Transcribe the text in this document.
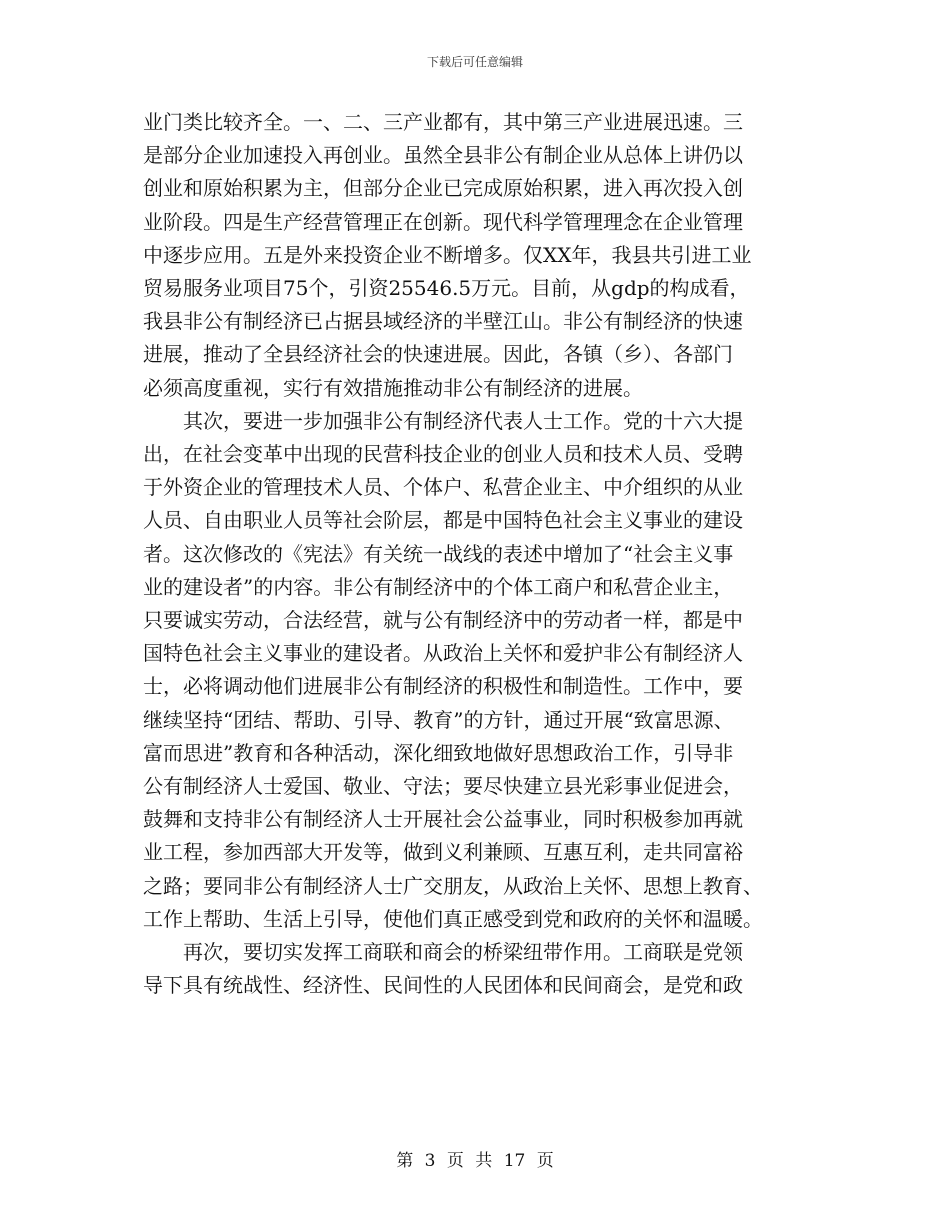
下载后可任意编辑

业门类比较齐全。一、二、三产业都有，其中第三产业进展迅速。三
是部分企业加速投入再创业。虽然全县非公有制企业从总体上讲仍以
创业和原始积累为主，但部分企业已完成原始积累，进入再次投入创
业阶段。四是生产经营管理正在创新。现代科学管理理念在企业管理
中逐步应用。五是外来投资企业不断增多。仅XX年，我县共引进工业
贸易服务业项目75个，引资25546.5万元。目前，从gdp的构成看，
我县非公有制经济已占据县域经济的半壁江山。非公有制经济的快速
进展，推动了全县经济社会的快速进展。因此，各镇（乡）、各部门
必须高度重视，实行有效措施推动非公有制经济的进展。

其次，要进一步加强非公有制经济代表人士工作。党的十六大提
出，在社会变革中出现的民营科技企业的创业人员和技术人员、受聘
于外资企业的管理技术人员、个体户、私营企业主、中介组织的从业
人员、自由职业人员等社会阶层，都是中国特色社会主义事业的建设
者。这次修改的《宪法》有关统一战线的表述中增加了“社会主义事
业的建设者”的内容。非公有制经济中的个体工商户和私营企业主，
只要诚实劳动，合法经营，就与公有制经济中的劳动者一样，都是中
国特色社会主义事业的建设者。从政治上关怀和爱护非公有制经济人
士，必将调动他们进展非公有制经济的积极性和制造性。工作中，要
继续坚持“团结、帮助、引导、教育”的方针，通过开展“致富思源、
富而思进”教育和各种活动，深化细致地做好思想政治工作，引导非
公有制经济人士爱国、敬业、守法；要尽快建立县光彩事业促进会，
鼓舞和支持非公有制经济人士开展社会公益事业，同时积极参加再就
业工程，参加西部大开发等，做到义利兼顾、互惠互利，走共同富裕
之路；要同非公有制经济人士广交朋友，从政治上关怀、思想上教育、
工作上帮助、生活上引导，使他们真正感受到党和政府的关怀和温暖。

再次，要切实发挥工商联和商会的桥梁纽带作用。工商联是党领
导下具有统战性、经济性、民间性的人民团体和民间商会，是党和政

第 3 页 共 17 页
